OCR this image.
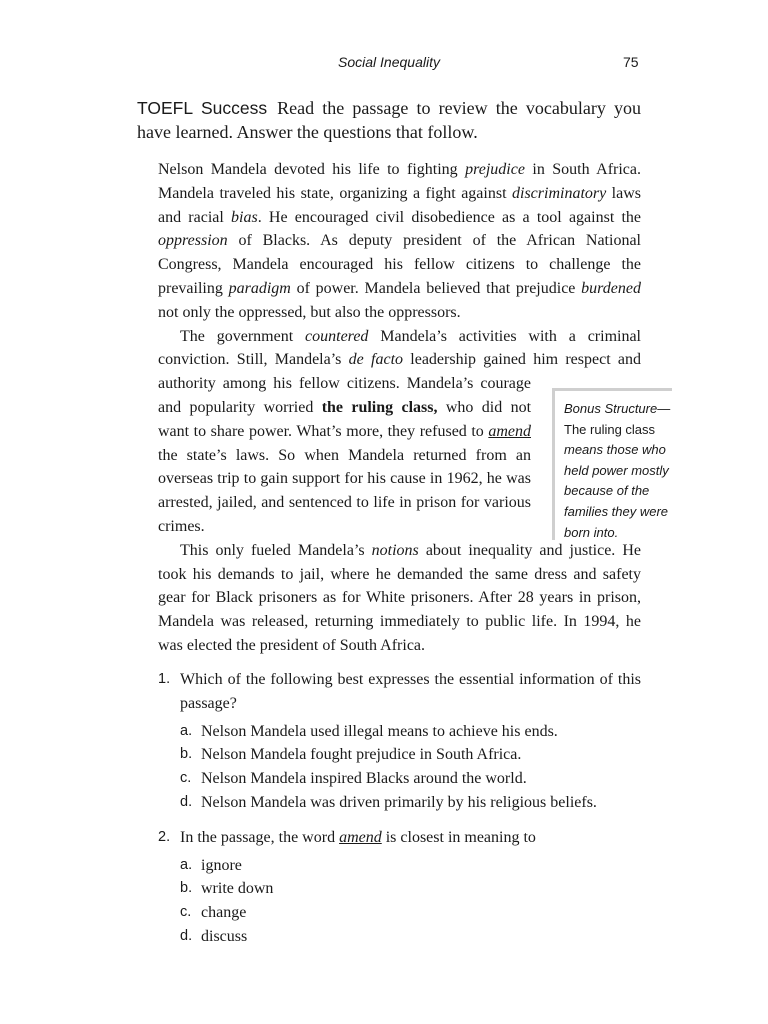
Social Inequality	75
TOEFL Success Read the passage to review the vocabulary you have learned. Answer the questions that follow.

Nelson Mandela devoted his life to fighting prejudice in South Africa. Mandela traveled his state, organizing a fight against discriminatory laws and racial bias. He encouraged civil disobedience as a tool against the oppression of Blacks. As deputy president of the African National Congress, Mandela encouraged his fellow citizens to challenge the prevailing paradigm of power. Mandela believed that prejudice burdened not only the oppressed, but also the oppressors.

The government countered Mandela’s activities with a criminal conviction. Still, Mandela’s de facto leadership gained him respect and authority among his fellow citizens. Mandela’s courage and popularity worried the ruling class, who did not want to share power. What’s more, they refused to amend the state’s laws. So when Mandela returned from an overseas trip to gain support for his cause in 1962, he was arrested, jailed, and sentenced to life in prison for various crimes.

This only fueled Mandela’s notions about inequality and justice. He took his demands to jail, where he demanded the same dress and safety gear for Black prisoners as for White prisoners. After 28 years in prison, Mandela was released, returning immediately to public life. In 1994, he was elected the president of South Africa.

Bonus Structure—
The ruling class
means those who held power mostly because of the families they were born into.
1. Which of the following best expresses the essential information of this passage?

a. Nelson Mandela used illegal means to achieve his ends.
b. Nelson Mandela fought prejudice in South Africa.
c. Nelson Mandela inspired Blacks around the world.
d. Nelson Mandela was driven primarily by his religious beliefs.
2. In the passage, the word amend is closest in meaning to

a. ignore
b. write down
c. change
d. discuss
